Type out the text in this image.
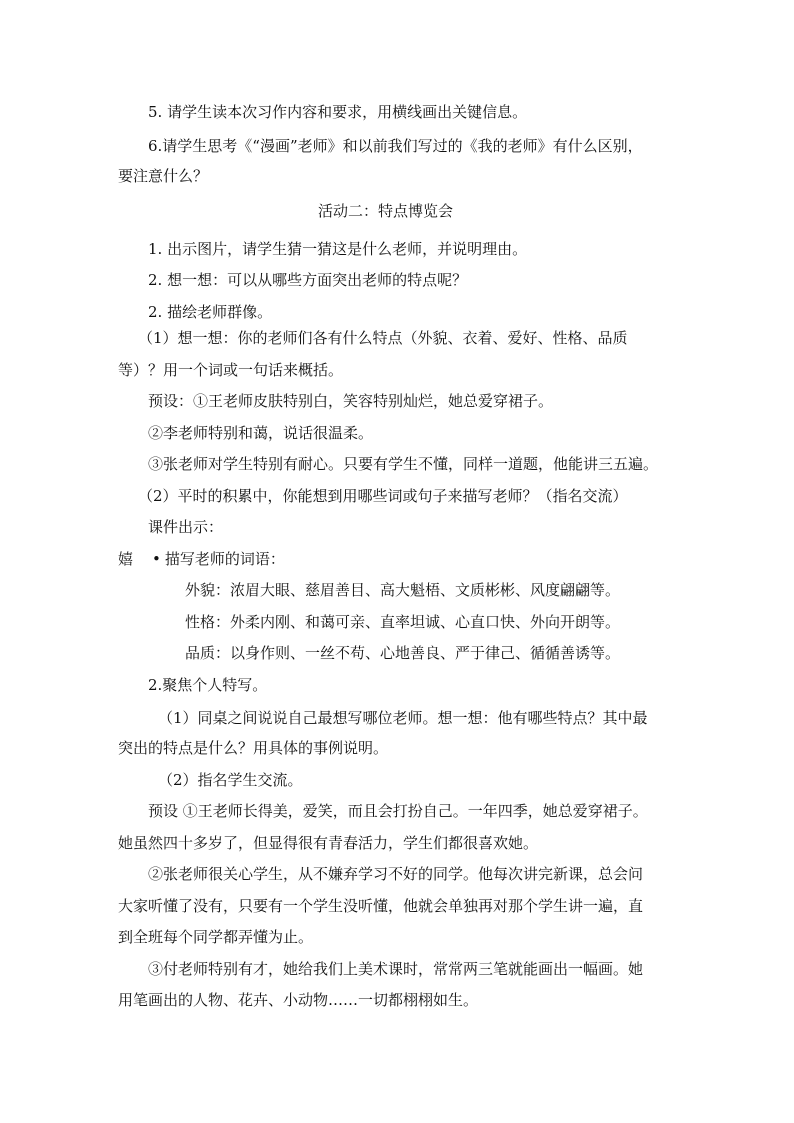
5. 请学生读本次习作内容和要求，用横线画出关键信息。
6.请学生思考《“漫画”老师》和以前我们写过的《我的老师》有什么区别，
要注意什么？
活动二：特点博览会
1. 出示图片，请学生猜一猜这是什么老师，并说明理由。
2. 想一想：可以从哪些方面突出老师的特点呢？
2. 描绘老师群像。
（1）想一想：你的老师们各有什么特点（外貌、衣着、爱好、性格、品质
等）？用一个词或一句话来概括。
预设：①王老师皮肤特别白，笑容特别灿烂，她总爱穿裙子。
②李老师特别和蔼，说话很温柔。
③张老师对学生特别有耐心。只要有学生不懂，同样一道题，他能讲三五遍。
（2）平时的积累中，你能想到用哪些词或句子来描写老师？（指名交流）
课件出示：
嬉 • 描写老师的词语：
外貌：浓眉大眼、慈眉善目、高大魁梧、文质彬彬、风度翩翩等。
性格：外柔内刚、和蔼可亲、直率坦诚、心直口快、外向开朗等。
品质：以身作则、一丝不苟、心地善良、严于律己、循循善诱等。
2.聚焦个人特写。
（1）同桌之间说说自己最想写哪位老师。想一想：他有哪些特点？其中最
突出的特点是什么？用具体的事例说明。
（2）指名学生交流。
预设 ①王老师长得美，爱笑，而且会打扮自己。一年四季，她总爱穿裙子。
她虽然四十多岁了，但显得很有青春活力，学生们都很喜欢她。
②张老师很关心学生，从不嫌弃学习不好的同学。他每次讲完新课，总会问
大家听懂了没有，只要有一个学生没听懂，他就会单独再对那个学生讲一遍，直
到全班每个同学都弄懂为止。
③付老师特别有才，她给我们上美术课时，常常两三笔就能画出一幅画。她
用笔画出的人物、花卉、小动物……一切都栩栩如生。
